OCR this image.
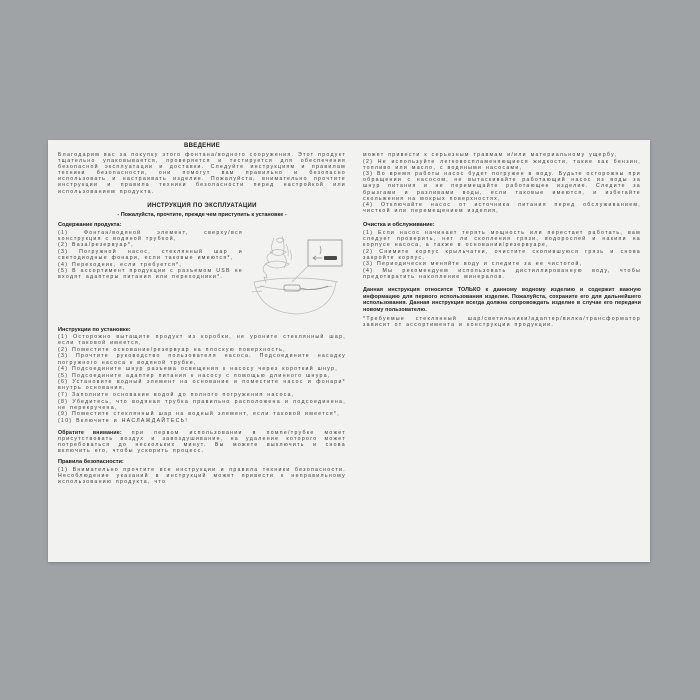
ВВЕДЕНИЕ

Благодарим вас за покупку этого фонтана/водного сооружения. Этот продукт тщательно упаковывается, проверяется и тестируется для обеспечения безопасной эксплуатации и доставки. Следуйте инструкциям и правилам техники безопасности, они помогут вам правильно и безопасно использовать и настраивать изделие. Пожалуйста, внимательно прочтите инструкции и правила техники безопасности перед настройкой или использованием продукта.

ИНСТРУКЦИЯ ПО ЭКСПЛУАТАЦИИ
- Пожалуйста, прочтите, прежде чем приступить к установке -
Содержание продукта:

(1) Фонтан/водяной элемент, сверху/вся конструкция с водяной трубкой,

(2) Ваза/резервуар*,

(3) Погружной насос, стеклянный шар и светодиодные фонари, если таковые имеются*,

(4) Переходник, если требуется*,

(5) В ассортимент продукции с разъемом USB не входят адаптеры питания или переходники*.

Инструкции по установке:

(1) Осторожно вытащите продукт из коробки, не уроните стеклянный шар, если таковой имеется,

(2) Поместите основание/резервуар на плоскую поверхность,

(3) Прочтите руководство пользователя насоса. Подсоедините насадку погружного насоса к водяной трубке,

(4) Подсоедините шнур разъема освещения к насосу через короткий шнур,

(5) Подсоедините адаптер питания к насосу с помощью длинного шнура,

(6) Установите водный элемент на основание и поместите насос и фонари* внутрь основания,

(7) Заполните основание водой до полного погружения насоса,

(8) Убедитесь, что водяная трубка правильно расположена и подсоединена, не перекручена,

(9) Поместите стеклянный шар на водный элемент, если таковой имеется*,

(10) Включите и НАСЛАЖДАЙТЕСЬ!

Обратите внимание: при первом использовании в помпе/трубке может присутствовать воздух и завоздушивание, на удаление которого может потребоваться до нескольких минут. Вы можете выключить и снова включить его, чтобы ускорить процесс.

Правила безопасности:

(1) Внимательно прочтите все инструкции и правила техники безопасности. Несоблюдение указаний в инструкций может привести к неправильному использованию продукта, что

может привести к серьезным травмам и/или материальному ущербу,

(2) Не используйте легковоспламеняющиеся жидкости, такие как бензин, топливо или масло, с водяными насосами,

(3) Во время работы насос будет погружен в воду. Будьте осторожны при обращении с насосом, не вытаскивайте работающий насос из воды за шнур питания и не перемещайте работающее изделие. Следите за брызгами и разливами воды, если таковые имеются, и избегайте скольжения на мокрых поверхностях,

(4) Отключайте насос от источника питания перед обслуживанием, чисткой или перемещением изделия,

Очистка и обслуживание:

(1) Если насос начинает терять мощность или перестает работать, вам следует проверить, нет ли скопления грязи, водорослей и накипи на корпусе насоса, а также в основании/резервуаре,

(2) Снимите корпус крыльчатки, очистите скопившуюся грязь и снова закройте корпус,

(3) Периодически меняйте воду и следите за ее чистотой,

(4) Мы рекомендуем использовать дистиллированную воду, чтобы предотвратить накопление минералов.

Данная инструкция относится ТОЛЬКО к данному водному изделию и содержит важную информацию для первого использования изделия. Пожалуйста, сохраните его для дальнейшего использования. Данная инструкция всегда должна сопровождать изделие в случае его передачи новому пользователю.

*Требуемые стеклянный шар/светильники/адаптер/вилка/трансформатор зависит от ассортимента и конструкции продукции.
